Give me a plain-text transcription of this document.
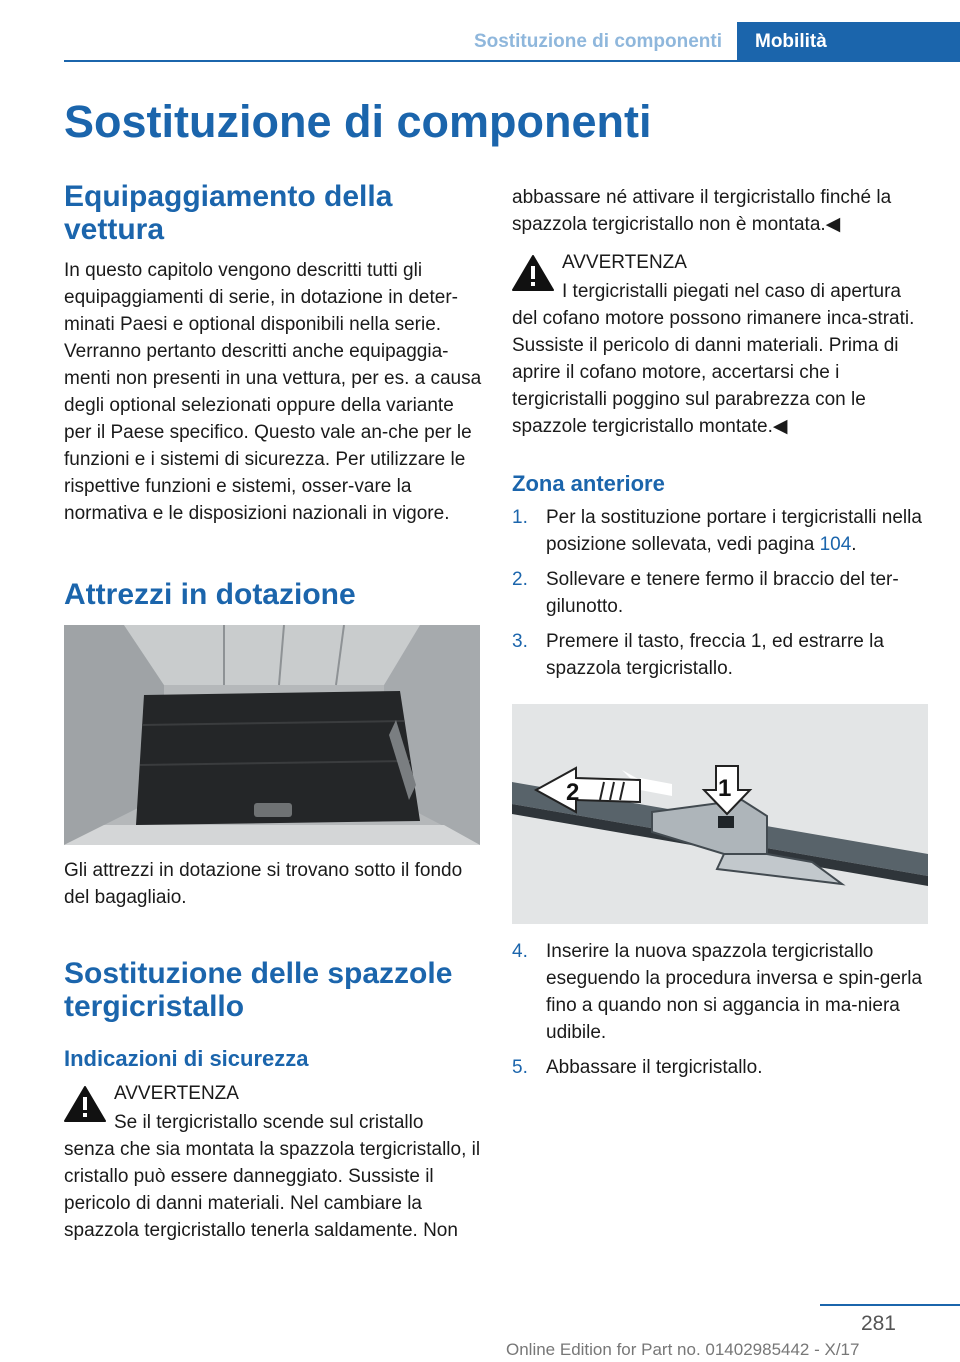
Sostituzione di componenti	Mobilità
Sostituzione di componenti
Equipaggiamento della vettura

In questo capitolo vengono descritti tutti gli equipaggiamenti di serie, in dotazione in deter-minati Paesi e optional disponibili nella serie. Verranno pertanto descritti anche equipaggia-menti non presenti in una vettura, per es. a causa degli optional selezionati oppure della variante per il Paese specifico. Questo vale an-che per le funzioni e i sistemi di sicurezza. Per utilizzare le rispettive funzioni e sistemi, osser-vare la normativa e le disposizioni nazionali in vigore.

Attrezzi in dotazione

Gli attrezzi in dotazione si trovano sotto il fondo del bagagliaio.

Sostituzione delle spazzole tergicristallo
Indicazioni di sicurezza
AVVERTENZA
Se il tergicristallo scende sul cristallo

senza che sia montata la spazzola tergicristallo, il cristallo può essere danneggiato. Sussiste il pericolo di danni materiali. Nel cambiare la spazzola tergicristallo tenerla saldamente. Non

abbassare né attivare il tergicristallo finché la spazzola tergicristallo non è montata.◀

AVVERTENZA
I tergicristalli piegati nel caso di apertura

del cofano motore possono rimanere inca-strati. Sussiste il pericolo di danni materiali. Prima di aprire il cofano motore, accertarsi che i tergicristalli poggino sul parabrezza con le spazzole tergicristallo montate.◀

Zona anteriore
1. Per la sostituzione portare i tergicristalli nella posizione sollevata, vedi pagina 104.
2. Sollevare e tenere fermo il braccio del ter-gilunotto.
3. Premere il tasto, freccia 1, ed estrarre la spazzola tergicristallo.
2	1
4. Inserire la nuova spazzola tergicristallo eseguendo la procedura inversa e spin-gerla fino a quando non si aggancia in ma-niera udibile.
5. Abbassare il tergicristallo.
281
Online Edition for Part no. 01402985442 - X/17
